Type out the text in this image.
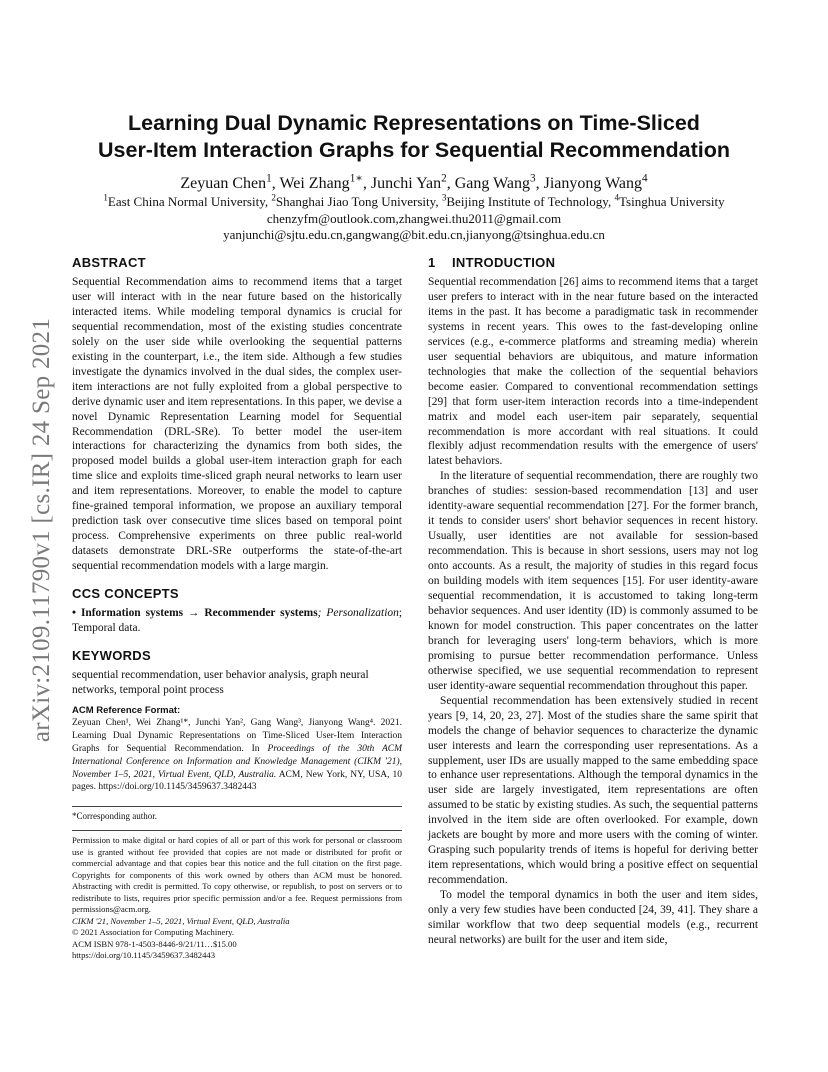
arXiv:2109.11790v1 [cs.IR] 24 Sep 2021
Learning Dual Dynamic Representations on Time-Sliced
User-Item Interaction Graphs for Sequential Recommendation
Zeyuan Chen$^1$, Wei Zhang$^{1∗}$, Junchi Yan$^2$, Gang Wang$^3$, Jianyong Wang$^4$
$^1$East China Normal University, $^2$Shanghai Jiao Tong University, $^3$Beijing Institute of Technology, $^4$Tsinghua University
chenzyfm@outlook.com,zhangwei.thu2011@gmail.com
yanjunchi@sjtu.edu.cn,gangwang@bit.edu.cn,jianyong@tsinghua.edu.cn
ABSTRACT

Sequential Recommendation aims to recommend items that a target user will interact with in the near future based on the historically interacted items. While modeling temporal dynamics is crucial for sequential recommendation, most of the existing studies concentrate solely on the user side while overlooking the sequential patterns existing in the counterpart, i.e., the item side. Although a few studies investigate the dynamics involved in the dual sides, the complex user-item interactions are not fully exploited from a global perspective to derive dynamic user and item representations. In this paper, we devise a novel Dynamic Representation Learning model for Sequential Recommendation (DRL-SRe). To better model the user-item interactions for characterizing the dynamics from both sides, the proposed model builds a global user-item interaction graph for each time slice and exploits time-sliced graph neural networks to learn user and item representations. Moreover, to enable the model to capture fine-grained temporal information, we propose an auxiliary temporal prediction task over consecutive time slices based on temporal point process. Comprehensive experiments on three public real-world datasets demonstrate DRL-SRe outperforms the state-of-the-art sequential recommendation models with a large margin.

CCS CONCEPTS

• Information systems → Recommender systems; Personalization; Temporal data.

KEYWORDS

sequential recommendation, user behavior analysis, graph neural networks, temporal point process

ACM Reference Format:
Zeyuan Chen¹, Wei Zhang¹*, Junchi Yan², Gang Wang³, Jianyong Wang⁴. 2021. Learning Dual Dynamic Representations on Time-Sliced User-Item Interaction Graphs for Sequential Recommendation. In Proceedings of the 30th ACM International Conference on Information and Knowledge Management (CIKM '21), November 1–5, 2021, Virtual Event, QLD, Australia. ACM, New York, NY, USA, 10 pages. https://doi.org/10.1145/3459637.3482443
*Corresponding author.

Permission to make digital or hard copies of all or part of this work for personal or classroom use is granted without fee provided that copies are not made or distributed for profit or commercial advantage and that copies bear this notice and the full citation on the first page. Copyrights for components of this work owned by others than ACM must be honored. Abstracting with credit is permitted. To copy otherwise, or republish, to post on servers or to redistribute to lists, requires prior specific permission and/or a fee. Request permissions from permissions@acm.org.

CIKM '21, November 1–5, 2021, Virtual Event, QLD, Australia
© 2021 Association for Computing Machinery.
ACM ISBN 978-1-4503-8446-9/21/11…$15.00
https://doi.org/10.1145/3459637.3482443
1 INTRODUCTION

Sequential recommendation [26] aims to recommend items that a target user prefers to interact with in the near future based on the interacted items in the past. It has become a paradigmatic task in recommender systems in recent years. This owes to the fast-developing online services (e.g., e-commerce platforms and streaming media) wherein user sequential behaviors are ubiquitous, and mature information technologies that make the collection of the sequential behaviors become easier. Compared to conventional recommendation settings [29] that form user-item interaction records into a time-independent matrix and model each user-item pair separately, sequential recommendation is more accordant with real situations. It could flexibly adjust recommendation results with the emergence of users' latest behaviors.

In the literature of sequential recommendation, there are roughly two branches of studies: session-based recommendation [13] and user identity-aware sequential recommendation [27]. For the former branch, it tends to consider users' short behavior sequences in recent history. Usually, user identities are not available for session-based recommendation. This is because in short sessions, users may not log onto accounts. As a result, the majority of studies in this regard focus on building models with item sequences [15]. For user identity-aware sequential recommendation, it is accustomed to taking long-term behavior sequences. And user identity (ID) is commonly assumed to be known for model construction. This paper concentrates on the latter branch for leveraging users' long-term behaviors, which is more promising to pursue better recommendation performance. Unless otherwise specified, we use sequential recommendation to represent user identity-aware sequential recommendation throughout this paper.

Sequential recommendation has been extensively studied in recent years [9, 14, 20, 23, 27]. Most of the studies share the same spirit that models the change of behavior sequences to characterize the dynamic user interests and learn the corresponding user representations. As a supplement, user IDs are usually mapped to the same embedding space to enhance user representations. Although the temporal dynamics in the user side are largely investigated, item representations are often assumed to be static by existing studies. As such, the sequential patterns involved in the item side are often overlooked. For example, down jackets are bought by more and more users with the coming of winter. Grasping such popularity trends of items is hopeful for deriving better item representations, which would bring a positive effect on sequential recommendation.

To model the temporal dynamics in both the user and item sides, only a very few studies have been conducted [24, 39, 41]. They share a similar workflow that two deep sequential models (e.g., recurrent neural networks) are built for the user and item side,
